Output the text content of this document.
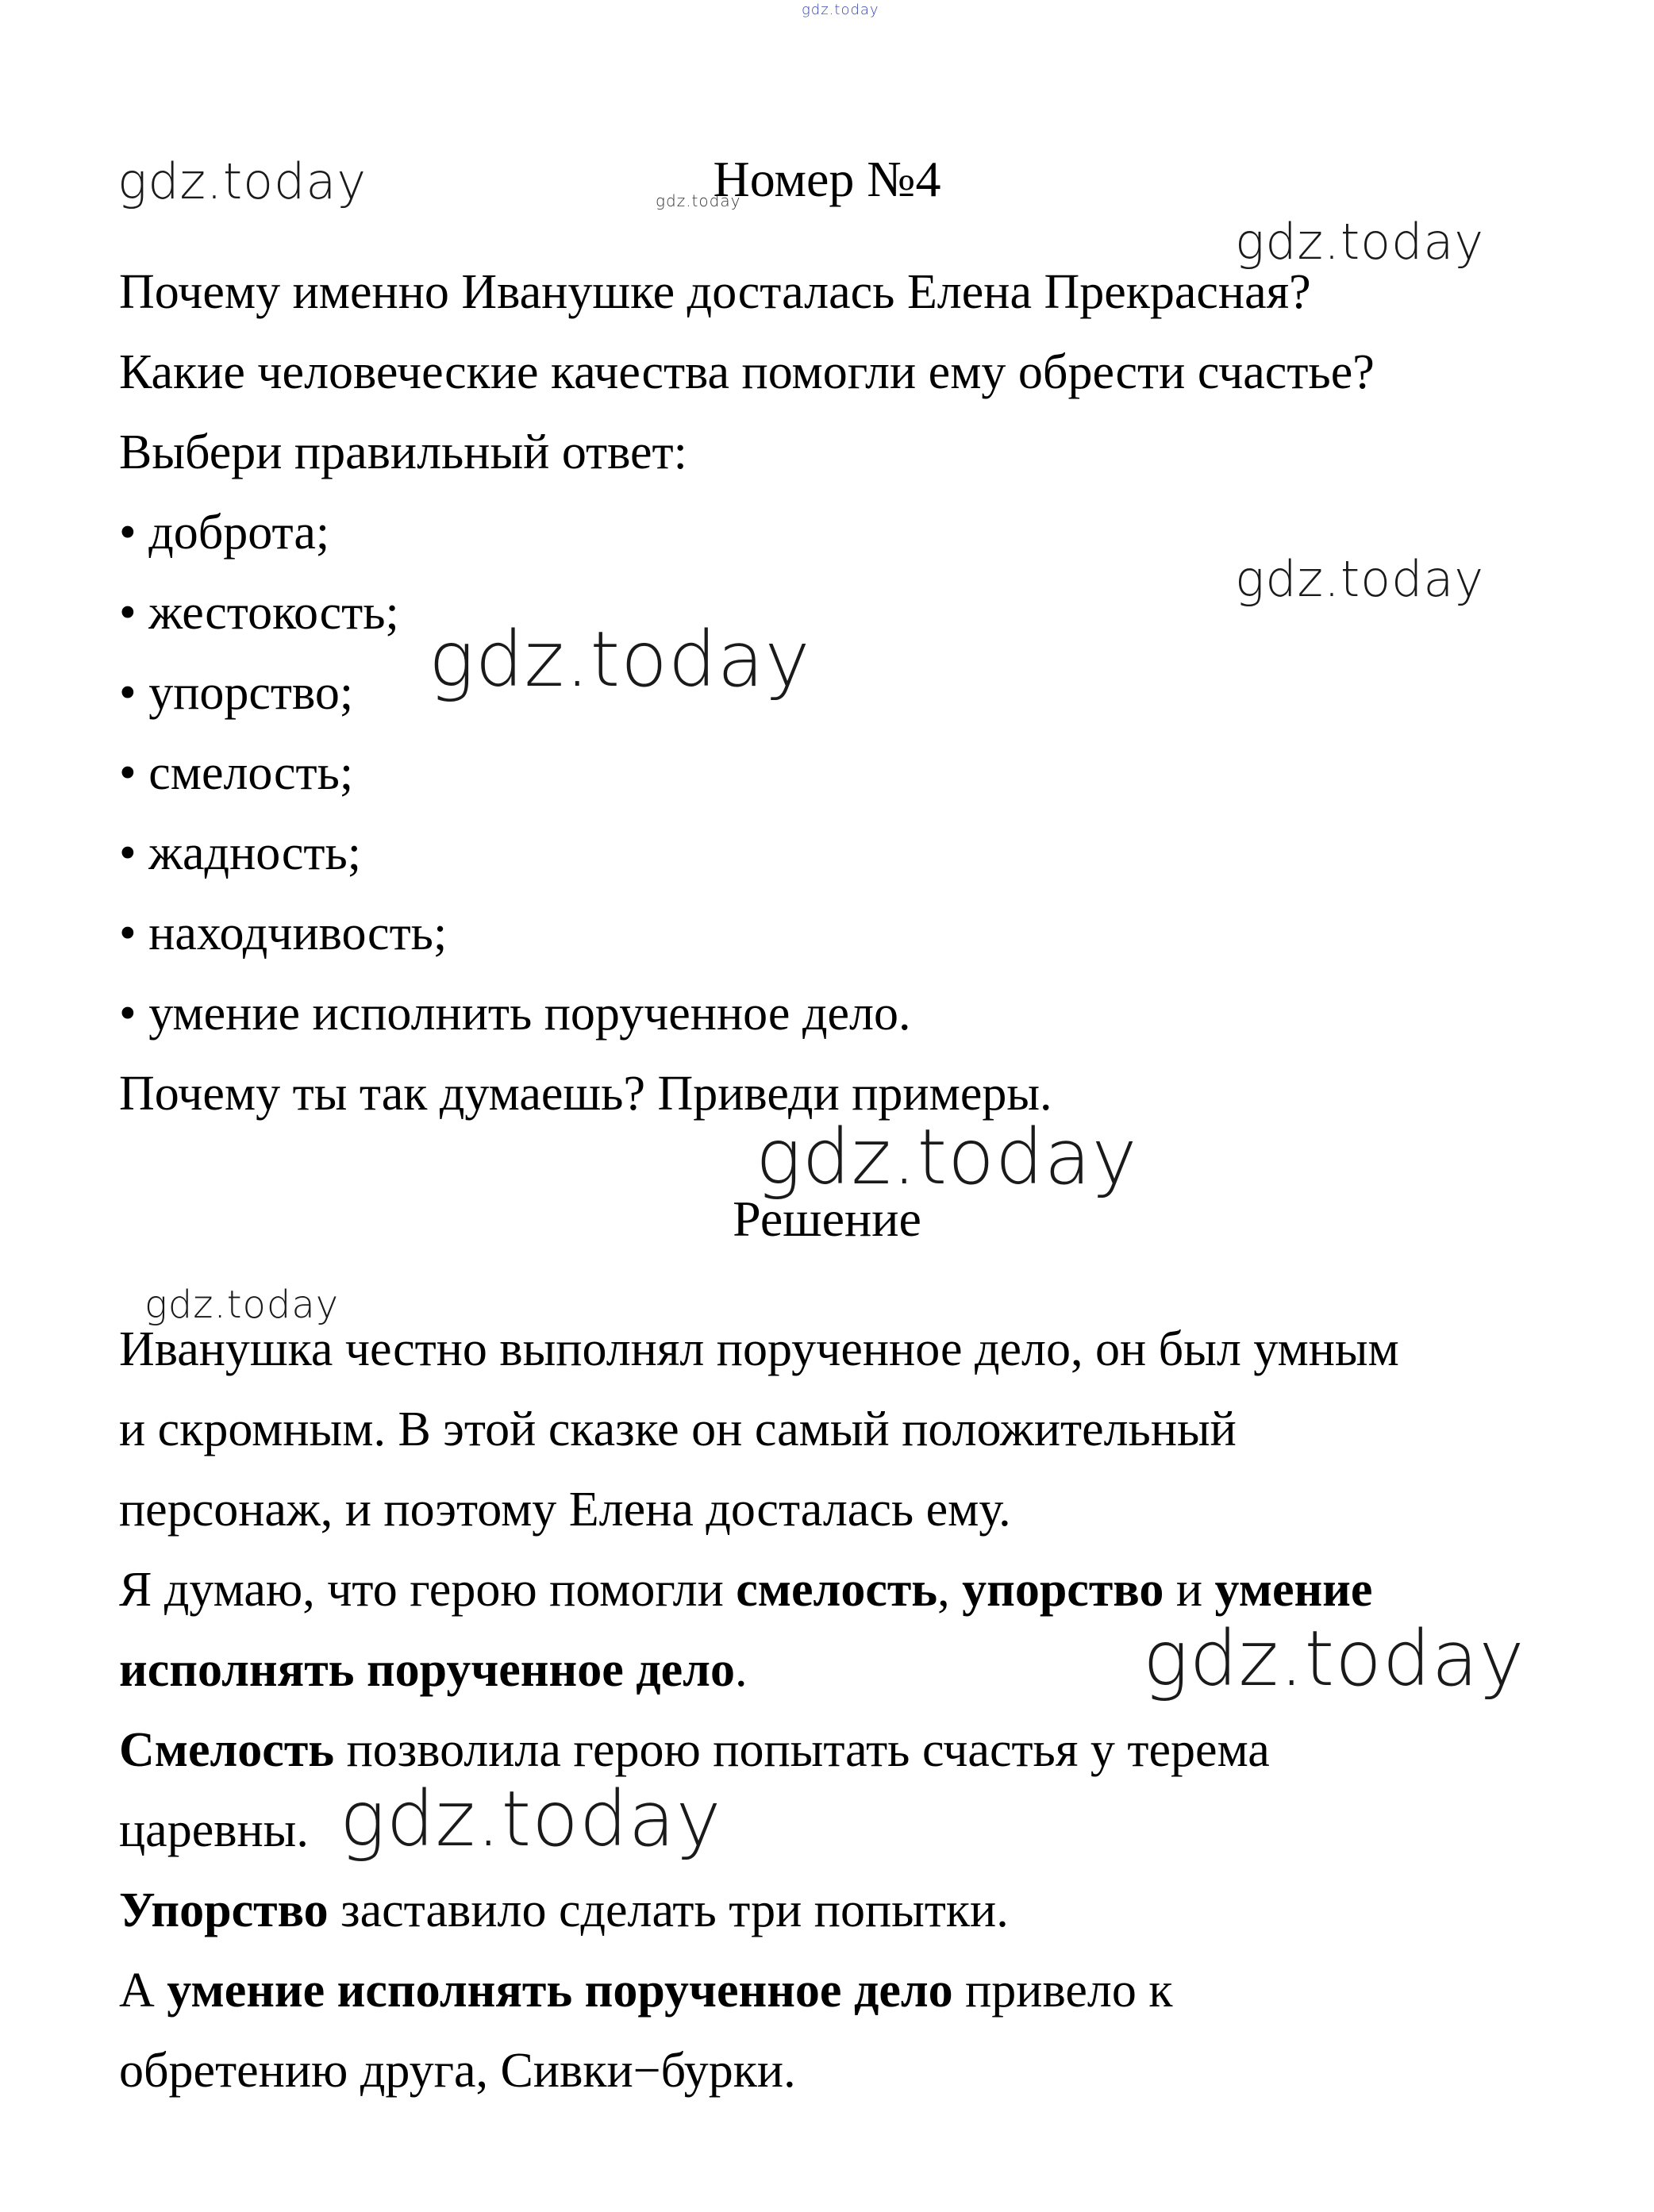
gdz.today
gdz.today	gdz.today
gdz.today
gdz.today
gdz.today
gdz.today
gdz.today
gdz.today
gdz.today
Номер №4
Почему именно Иванушке досталась Елена Прекрасная?
Какие человеческие качества помогли ему обрести счастье?
Выбери правильный ответ:
• доброта;
• жестокость;
• упорство;
• смелость;
• жадность;
• находчивость;
• умение исполнить порученное дело.
Почему ты так думаешь? Приведи примеры.
Решение
Иванушка честно выполнял порученное дело, он был умным
и скромным. В этой сказке он самый положительный
персонаж, и поэтому Елена досталась ему.
Я думаю, что герою помогли смелость, упорство и умение
исполнять порученное дело.
Смелость позволила герою попытать счастья у терема
царевны.
Упорство заставило сделать три попытки.
А умение исполнять порученное дело привело к
обретению друга, Сивки−бурки.
